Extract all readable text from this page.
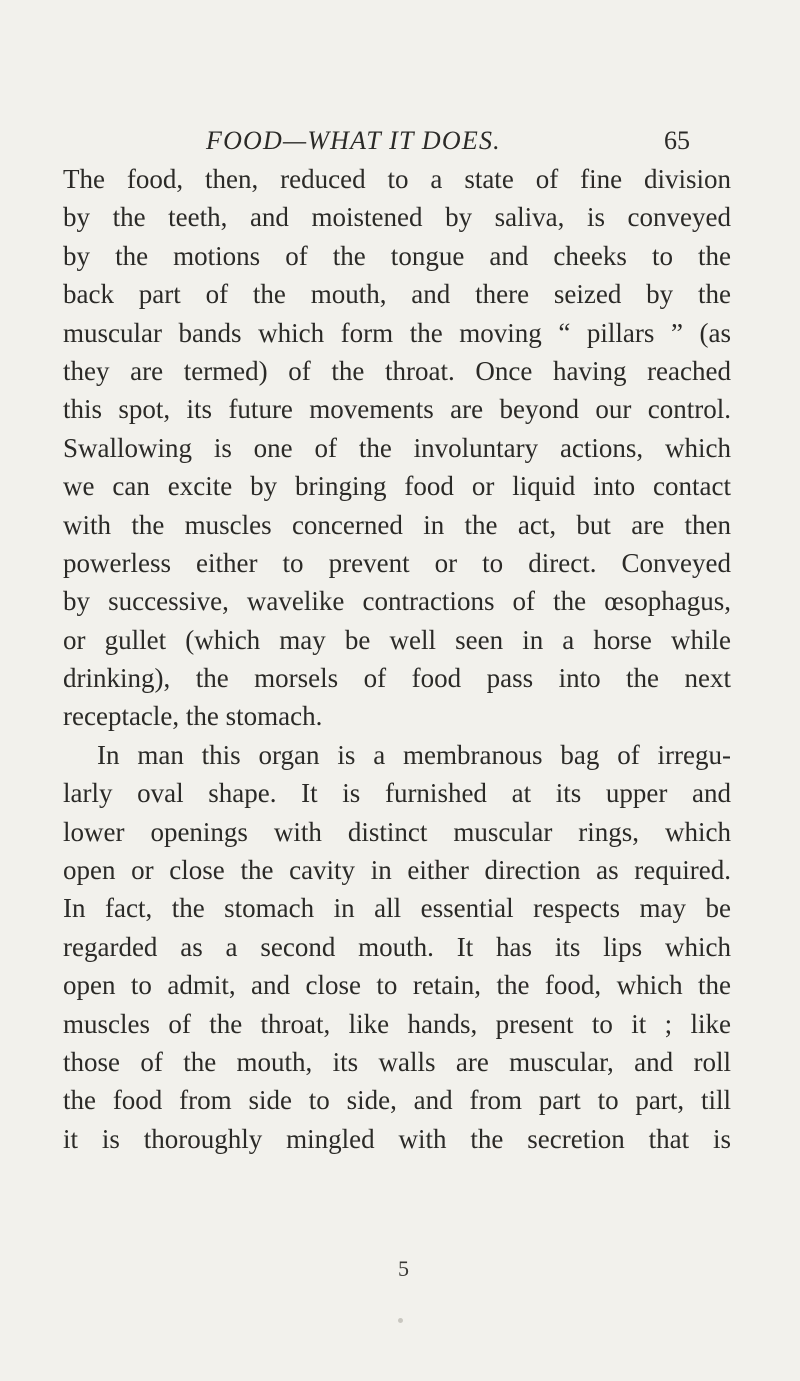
FOOD—WHAT IT DOES.	65
The food, then, reduced to a state of fine division
by the teeth, and moistened by saliva, is conveyed
by the motions of the tongue and cheeks to the
back part of the mouth, and there seized by the
muscular bands which form the moving “ pillars ” (as
they are termed) of the throat. Once having reached
this spot, its future movements are beyond our control.
Swallowing is one of the involuntary actions, which
we can excite by bringing food or liquid into contact
with the muscles concerned in the act, but are then
powerless either to prevent or to direct. Conveyed
by successive, wavelike contractions of the œsophagus,
or gullet (which may be well seen in a horse while
drinking), the morsels of food pass into the next
receptacle, the stomach.
In man this organ is a membranous bag of irregu-
larly oval shape. It is furnished at its upper and
lower openings with distinct muscular rings, which
open or close the cavity in either direction as required.
In fact, the stomach in all essential respects may be
regarded as a second mouth. It has its lips which
open to admit, and close to retain, the food, which the
muscles of the throat, like hands, present to it ; like
those of the mouth, its walls are muscular, and roll
the food from side to side, and from part to part, till
it is thoroughly mingled with the secretion that is
5
